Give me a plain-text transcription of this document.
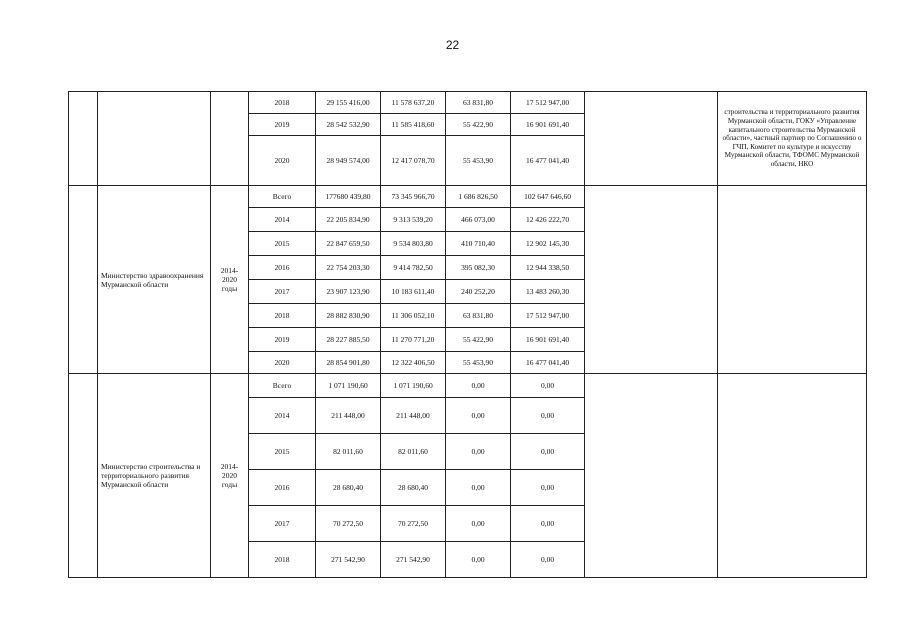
22
			2018	29 155 416,00	11 578 637,20	63 831,80	17 512 947,00		строительства и территориального развития Мурманской области, ГОКУ «Управление капитального строительства Мурманской области», частный партнер по Соглашению о ГЧП, Комитет по культуре и искусству Мурманской области, ТФОМС Мурманской области, НКО
			2019	28 542 532,90	11 585 418,60	55 422,90	16 901 691,40		
			2020	28 949 574,00	12 417 078,70	55 453,90	16 477 041,40		
	Министерство здравоохранения Мурманской области	2014-2020 годы	Всего	177680 439,80	73 345 966,70	1 686 826,50	102 647 646,60		
			2014	22 205 834,90	9 313 539,20	466 073,00	12 426 222,70		
			2015	22 847 659,50	9 534 803,80	410 710,40	12 902 145,30		
			2016	22 754 203,30	9 414 782,50	395 082,30	12 944 338,50		
			2017	23 907 123,90	10 183 611,40	240 252,20	13 483 260,30		
			2018	28 882 830,90	11 306 052,10	63 831,80	17 512 947,00		
			2019	28 227 885,50	11 270 771,20	55 422,90	16 901 691,40		
			2020	28 854 901,80	12 322 406,50	55 453,90	16 477 041,40		
	Министерство строительства и территориального развития Мурманской области	2014-2020 годы	Всего	1 071 190,60	1 071 190,60	0,00	0,00		
			2014	211 448,00	211 448,00	0,00	0,00		
			2015	82 011,60	82 011,60	0,00	0,00		
			2016	28 680,40	28 680,40	0,00	0,00		
			2017	70 272,50	70 272,50	0,00	0,00		
			2018	271 542,90	271 542,90	0,00	0,00		
